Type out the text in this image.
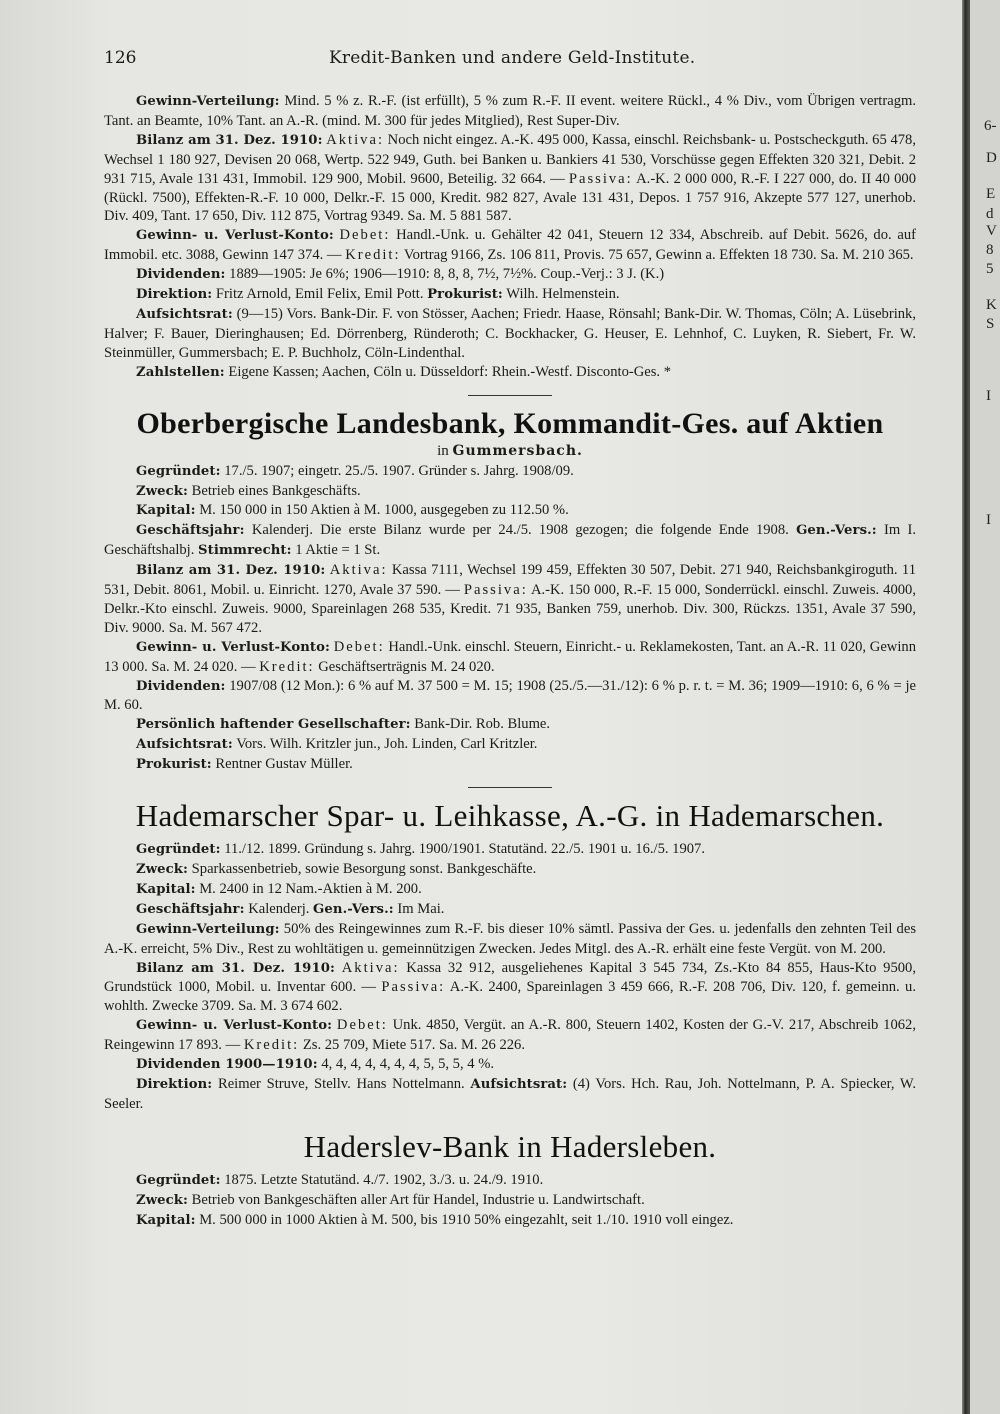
126	Kredit-Banken und andere Geld-Institute.

Gewinn-Verteilung: Mind. 5 % z. R.-F. (ist erfüllt), 5 % zum R.-F. II event. weitere Rückl., 4 % Div., vom Übrigen vertragm. Tant. an Beamte, 10% Tant. an A.-R. (mind. M. 300 für jedes Mitglied), Rest Super-Div.

Bilanz am 31. Dez. 1910: Aktiva: Noch nicht eingez. A.-K. 495 000, Kassa, einschl. Reichsbank- u. Postscheckguth. 65 478, Wechsel 1 180 927, Devisen 20 068, Wertp. 522 949, Guth. bei Banken u. Bankiers 41 530, Vorschüsse gegen Effekten 320 321, Debit. 2 931 715, Avale 131 431, Immobil. 129 900, Mobil. 9600, Beteilig. 32 664. — Passiva: A.-K. 2 000 000, R.-F. I 227 000, do. II 40 000 (Rückl. 7500), Effekten-R.-F. 10 000, Delkr.-F. 15 000, Kredit. 982 827, Avale 131 431, Depos. 1 757 916, Akzepte 577 127, unerhob. Div. 409, Tant. 17 650, Div. 112 875, Vortrag 9349. Sa. M. 5 881 587.

Gewinn- u. Verlust-Konto: Debet: Handl.-Unk. u. Gehälter 42 041, Steuern 12 334, Abschreib. auf Debit. 5626, do. auf Immobil. etc. 3088, Gewinn 147 374. — Kredit: Vortrag 9166, Zs. 106 811, Provis. 75 657, Gewinn a. Effekten 18 730. Sa. M. 210 365.

Dividenden: 1889—1905: Je 6%; 1906—1910: 8, 8, 8, 7½, 7½%. Coup.-Verj.: 3 J. (K.)

Direktion: Fritz Arnold, Emil Felix, Emil Pott. Prokurist: Wilh. Helmenstein.

Aufsichtsrat: (9—15) Vors. Bank-Dir. F. von Stösser, Aachen; Friedr. Haase, Rönsahl; Bank-Dir. W. Thomas, Cöln; A. Lüsebrink, Halver; F. Bauer, Dieringhausen; Ed. Dörrenberg, Ründeroth; C. Bockhacker, G. Heuser, E. Lehnhof, C. Luyken, R. Siebert, Fr. W. Steinmüller, Gummersbach; E. P. Buchholz, Cöln-Lindenthal.

Zahlstellen: Eigene Kassen; Aachen, Cöln u. Düsseldorf: Rhein.-Westf. Disconto-Ges. *

Oberbergische Landesbank, Kommandit-Ges. auf Aktien
in Gummersbach.

Gegründet: 17./5. 1907; eingetr. 25./5. 1907. Gründer s. Jahrg. 1908/09.

Zweck: Betrieb eines Bankgeschäfts.

Kapital: M. 150 000 in 150 Aktien à M. 1000, ausgegeben zu 112.50 %.

Geschäftsjahr: Kalenderj. Die erste Bilanz wurde per 24./5. 1908 gezogen; die folgende Ende 1908. Gen.-Vers.: Im I. Geschäftshalbj. Stimmrecht: 1 Aktie = 1 St.

Bilanz am 31. Dez. 1910: Aktiva: Kassa 7111, Wechsel 199 459, Effekten 30 507, Debit. 271 940, Reichsbankgiroguth. 11 531, Debit. 8061, Mobil. u. Einricht. 1270, Avale 37 590. — Passiva: A.-K. 150 000, R.-F. 15 000, Sonderrückl. einschl. Zuweis. 4000, Delkr.-Kto einschl. Zuweis. 9000, Spareinlagen 268 535, Kredit. 71 935, Banken 759, unerhob. Div. 300, Rückzs. 1351, Avale 37 590, Div. 9000. Sa. M. 567 472.

Gewinn- u. Verlust-Konto: Debet: Handl.-Unk. einschl. Steuern, Einricht.- u. Reklamekosten, Tant. an A.-R. 11 020, Gewinn 13 000. Sa. M. 24 020. — Kredit: Geschäftserträgnis M. 24 020.

Dividenden: 1907/08 (12 Mon.): 6 % auf M. 37 500 = M. 15; 1908 (25./5.—31./12): 6 % p. r. t. = M. 36; 1909—1910: 6, 6 % = je M. 60.

Persönlich haftender Gesellschafter: Bank-Dir. Rob. Blume.

Aufsichtsrat: Vors. Wilh. Kritzler jun., Joh. Linden, Carl Kritzler.

Prokurist: Rentner Gustav Müller.

Hademarscher Spar- u. Leihkasse, A.-G. in Hademarschen.

Gegründet: 11./12. 1899. Gründung s. Jahrg. 1900/1901. Statutänd. 22./5. 1901 u. 16./5. 1907.

Zweck: Sparkassenbetrieb, sowie Besorgung sonst. Bankgeschäfte.

Kapital: M. 2400 in 12 Nam.-Aktien à M. 200.

Geschäftsjahr: Kalenderj. Gen.-Vers.: Im Mai.

Gewinn-Verteilung: 50% des Reingewinnes zum R.-F. bis dieser 10% sämtl. Passiva der Ges. u. jedenfalls den zehnten Teil des A.-K. erreicht, 5% Div., Rest zu wohltätigen u. gemeinnützigen Zwecken. Jedes Mitgl. des A.-R. erhält eine feste Vergüt. von M. 200.

Bilanz am 31. Dez. 1910: Aktiva: Kassa 32 912, ausgeliehenes Kapital 3 545 734, Zs.-Kto 84 855, Haus-Kto 9500, Grundstück 1000, Mobil. u. Inventar 600. — Passiva: A.-K. 2400, Spareinlagen 3 459 666, R.-F. 208 706, Div. 120, f. gemeinn. u. wohlth. Zwecke 3709. Sa. M. 3 674 602.

Gewinn- u. Verlust-Konto: Debet: Unk. 4850, Vergüt. an A.-R. 800, Steuern 1402, Kosten der G.-V. 217, Abschreib 1062, Reingewinn 17 893. — Kredit: Zs. 25 709, Miete 517. Sa. M. 26 226.

Dividenden 1900—1910: 4, 4, 4, 4, 4, 4, 4, 5, 5, 5, 4 %.

Direktion: Reimer Struve, Stellv. Hans Nottelmann. Aufsichtsrat: (4) Vors. Hch. Rau, Joh. Nottelmann, P. A. Spiecker, W. Seeler.

Haderslev-Bank in Hadersleben.

Gegründet: 1875. Letzte Statutänd. 4./7. 1902, 3./3. u. 24./9. 1910.

Zweck: Betrieb von Bankgeschäften aller Art für Handel, Industrie u. Landwirtschaft.

Kapital: M. 500 000 in 1000 Aktien à M. 500, bis 1910 50% eingezahlt, seit 1./10. 1910 voll eingez.

6-
D
E
d
V
8
5
K
S
I
I
